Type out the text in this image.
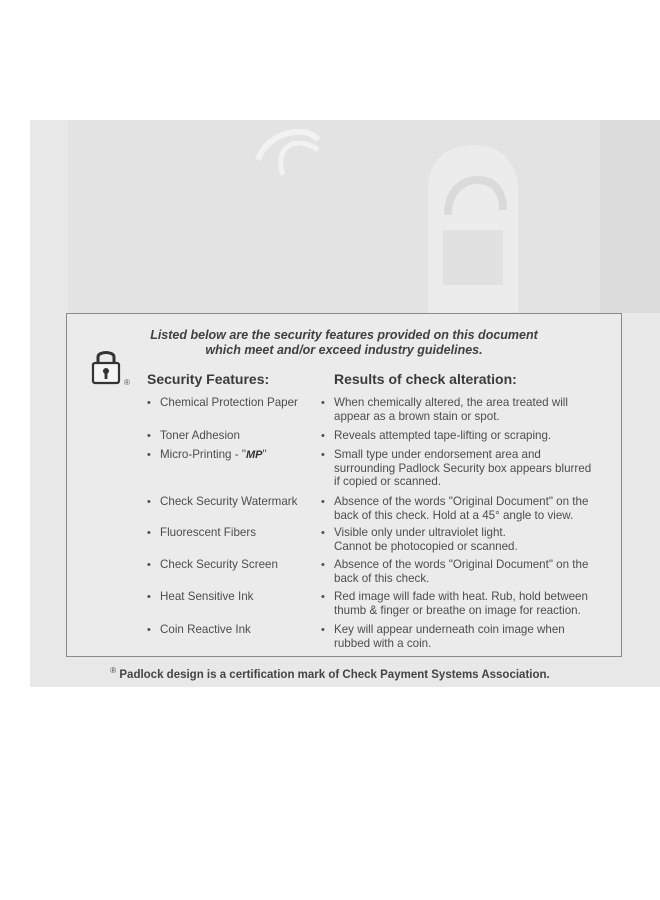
Listed below are the security features provided on this document
which meet and/or exceed industry guidelines.
® Security Features:	Results of check alteration:
• Chemical Protection Paper	• When chemically altered, the area treated will appear as a brown stain or spot.
• Toner Adhesion	• Reveals attempted tape-lifting or scraping.
• Micro-Printing - "MP"	• Small type under endorsement area and surrounding Padlock Security box appears blurred if copied or scanned.
• Check Security Watermark	• Absence of the words "Original Document" on the back of this check. Hold at a 45° angle to view.
• Fluorescent Fibers	• Visible only under ultraviolet light.
Cannot be photocopied or scanned.
• Check Security Screen	• Absence of the words "Original Document" on the back of this check.
• Heat Sensitive Ink	• Red image will fade with heat. Rub, hold between thumb & finger or breathe on image for reaction.
• Coin Reactive Ink	• Key will appear underneath coin image when rubbed with a coin.
® Padlock design is a certification mark of Check Payment Systems Association.
